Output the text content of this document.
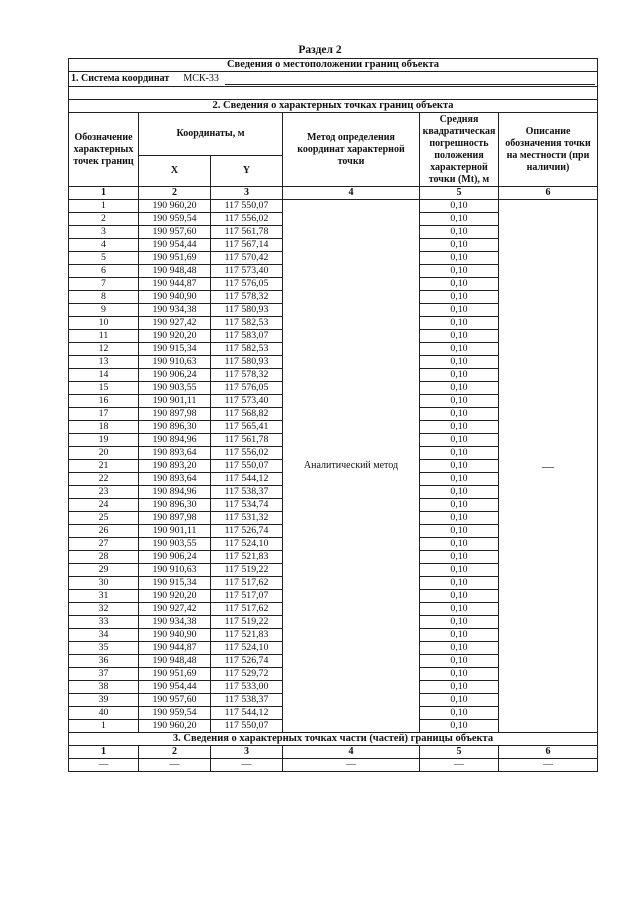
Раздел 2
Сведения о местоположении границ объекта					
1. Система координат МСК-33					

2. Сведения о характерных точках границ объекта					
Обозначение характерных точек границ	Координаты, м		Метод определения координат характерной точки	Средняя квадратическая погрешность положения характерной точки (Mt), м	Описание обозначения точки на местности (при наличии)
	X	Y			
1	2	3	4	5	6
1	190 960,20	117 550,07	Аналитический метод	0,10	—
2	190 959,54	117 556,02		0,10	
3	190 957,60	117 561,78		0,10	
4	190 954,44	117 567,14		0,10	
5	190 951,69	117 570,42		0,10	
6	190 948,48	117 573,40		0,10	
7	190 944,87	117 576,05		0,10	
8	190 940,90	117 578,32		0,10	
9	190 934,38	117 580,93		0,10	
10	190 927,42	117 582,53		0,10	
11	190 920,20	117 583,07		0,10	
12	190 915,34	117 582,53		0,10	
13	190 910,63	117 580,93		0,10	
14	190 906,24	117 578,32		0,10	
15	190 903,55	117 576,05		0,10	
16	190 901,11	117 573,40		0,10	
17	190 897,98	117 568,82		0,10	
18	190 896,30	117 565,41		0,10	
19	190 894,96	117 561,78		0,10	
20	190 893,64	117 556,02		0,10	
21	190 893,20	117 550,07		0,10	
22	190 893,64	117 544,12		0,10	
23	190 894,96	117 538,37		0,10	
24	190 896,30	117 534,74		0,10	
25	190 897,98	117 531,32		0,10	
26	190 901,11	117 526,74		0,10	
27	190 903,55	117 524,10		0,10	
28	190 906,24	117 521,83		0,10	
29	190 910,63	117 519,22		0,10	
30	190 915,34	117 517,62		0,10	
31	190 920,20	117 517,07		0,10	
32	190 927,42	117 517,62		0,10	
33	190 934,38	117 519,22		0,10	
34	190 940,90	117 521,83		0,10	
35	190 944,87	117 524,10		0,10	
36	190 948,48	117 526,74		0,10	
37	190 951,69	117 529,72		0,10	
38	190 954,44	117 533,00		0,10	
39	190 957,60	117 538,37		0,10	
40	190 959,54	117 544,12		0,10	
1	190 960,20	117 550,07		0,10	
3. Сведения о характерных точках части (частей) границы объекта					
1	2	3	4	5	6
—	—	—	—	—	—
